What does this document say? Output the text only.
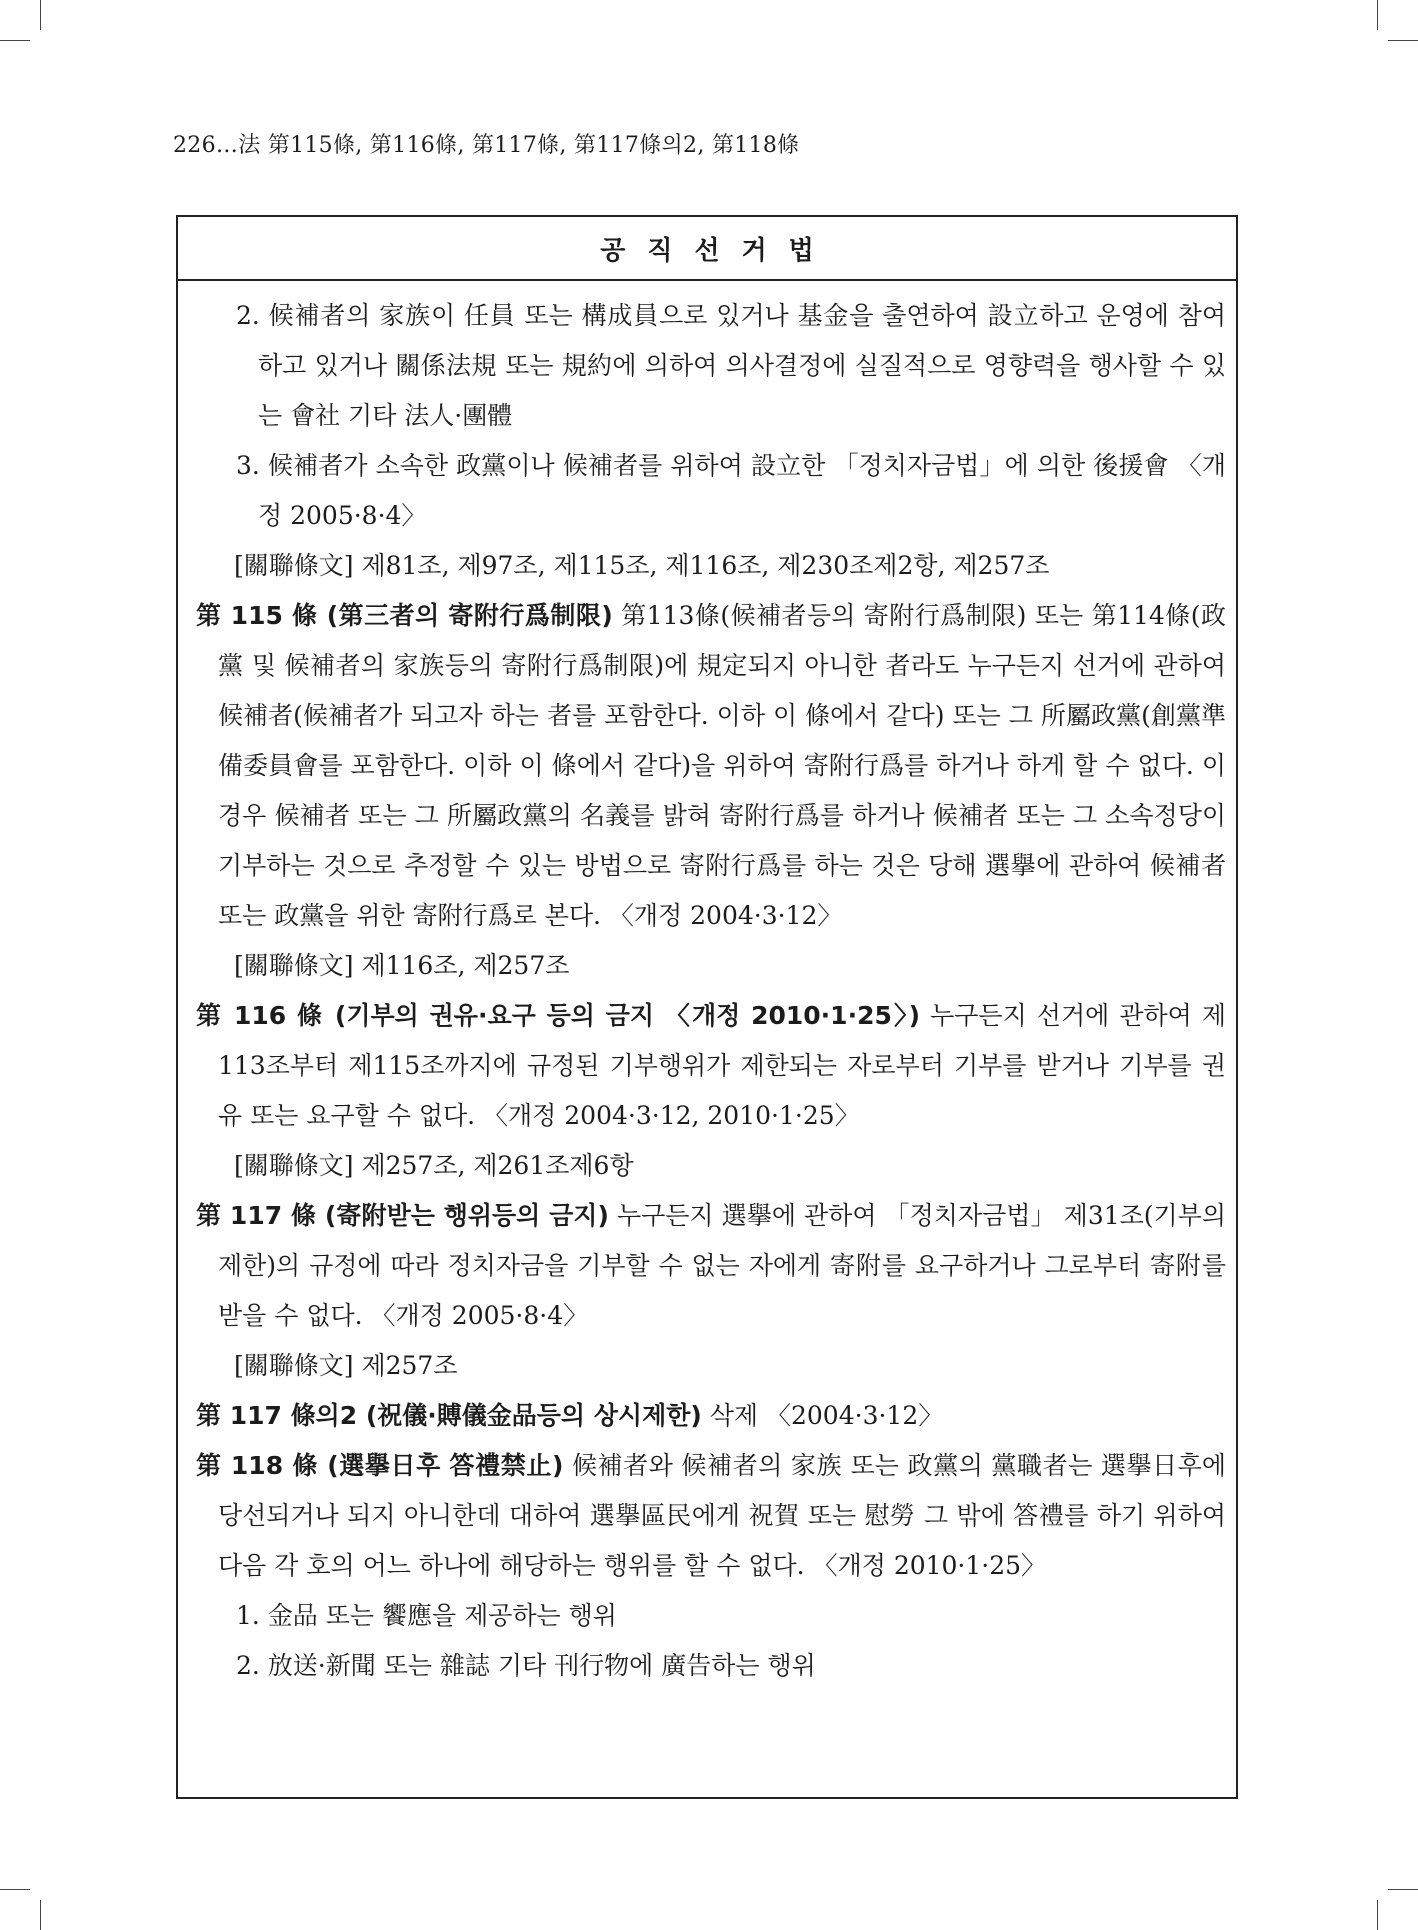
226…法 第115條, 第116條, 第117條, 第117條의2, 第118條
공직선거법
2. 候補者의 家族이 任員 또는 構成員으로 있거나 基金을 출연하여 設立하고 운영에 참여하고 있거나 關係法規 또는 規約에 의하여 의사결정에 실질적으로 영향력을 행사할 수 있는 會社 기타 法人·團體
3. 候補者가 소속한 政黨이나 候補者를 위하여 設立한 「정치자금법」에 의한 後援會 〈개정 2005·8·4〉
[關聯條文] 제81조, 제97조, 제115조, 제116조, 제230조제2항, 제257조
第 115 條 (第三者의 寄附行爲制限) 第113條(候補者등의 寄附行爲制限) 또는 第114條(政黨 및 候補者의 家族등의 寄附行爲制限)에 規定되지 아니한 者라도 누구든지 선거에 관하여 候補者(候補者가 되고자 하는 者를 포함한다. 이하 이 條에서 같다) 또는 그 所屬政黨(創黨準備委員會를 포함한다. 이하 이 條에서 같다)을 위하여 寄附行爲를 하거나 하게 할 수 없다. 이 경우 候補者 또는 그 所屬政黨의 名義를 밝혀 寄附行爲를 하거나 候補者 또는 그 소속정당이 기부하는 것으로 추정할 수 있는 방법으로 寄附行爲를 하는 것은 당해 選擧에 관하여 候補者 또는 政黨을 위한 寄附行爲로 본다. 〈개정 2004·3·12〉
[關聯條文] 제116조, 제257조
第 116 條 (기부의 권유·요구 등의 금지 〈개정 2010·1·25〉) 누구든지 선거에 관하여 제113조부터 제115조까지에 규정된 기부행위가 제한되는 자로부터 기부를 받거나 기부를 권유 또는 요구할 수 없다. 〈개정 2004·3·12, 2010·1·25〉
[關聯條文] 제257조, 제261조제6항
第 117 條 (寄附받는 행위등의 금지) 누구든지 選擧에 관하여 「정치자금법」 제31조(기부의 제한)의 규정에 따라 정치자금을 기부할 수 없는 자에게 寄附를 요구하거나 그로부터 寄附를 받을 수 없다. 〈개정 2005·8·4〉
[關聯條文] 제257조
第 117 條의2 (祝儀·賻儀金品등의 상시제한) 삭제 〈2004·3·12〉
第 118 條 (選擧日후 答禮禁止) 候補者와 候補者의 家族 또는 政黨의 黨職者는 選擧日후에 당선되거나 되지 아니한데 대하여 選擧區民에게 祝賀 또는 慰勞 그 밖에 答禮를 하기 위하여 다음 각 호의 어느 하나에 해당하는 행위를 할 수 없다. 〈개정 2010·1·25〉
1. 金品 또는 饗應을 제공하는 행위
2. 放送·新聞 또는 雜誌 기타 刊行物에 廣告하는 행위
